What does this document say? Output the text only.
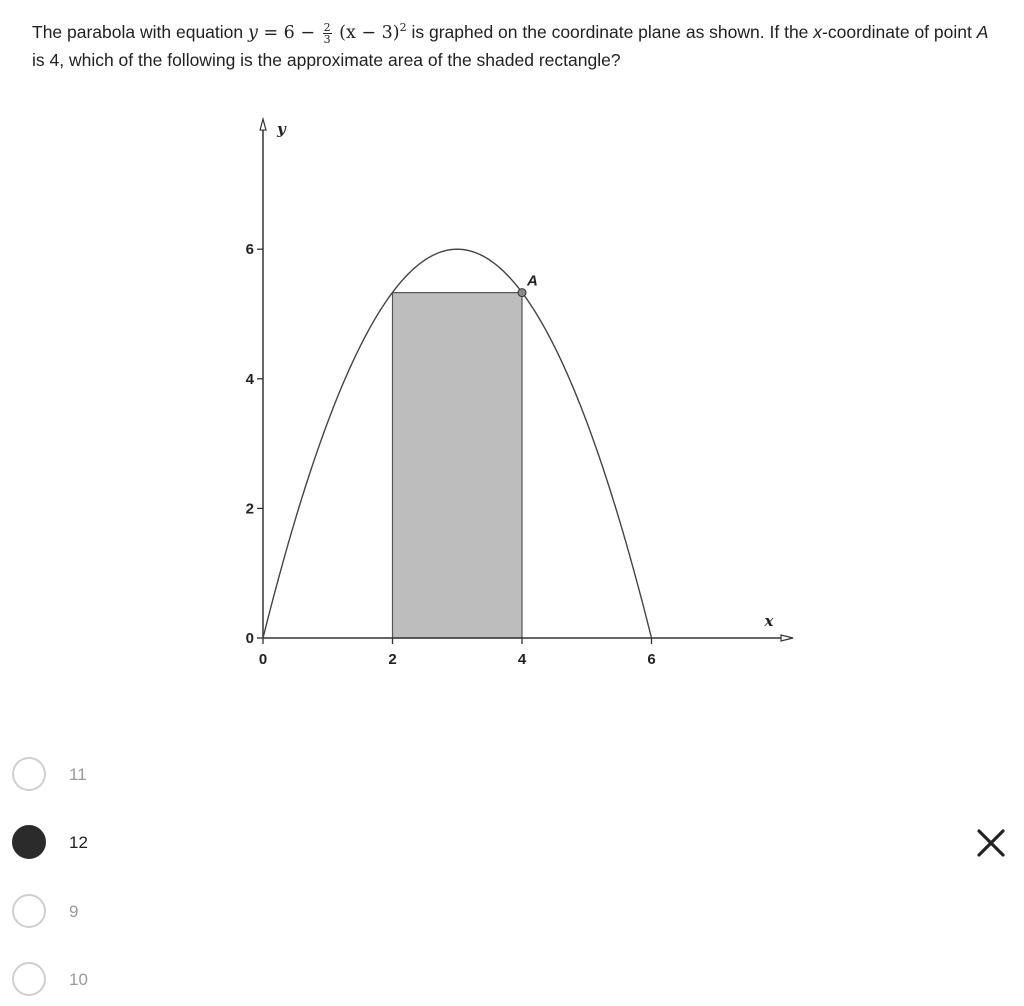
The parabola with equation $y = 6 - \frac{2}{3} (x - 3)^2$ is graphed on the coordinate plane as shown. If the x-coordinate of point A is 4, which of the following is the approximate area of the shaded rectangle?
0	2	4	6
0
2
4
6
x
y
A
11
12
9
10
